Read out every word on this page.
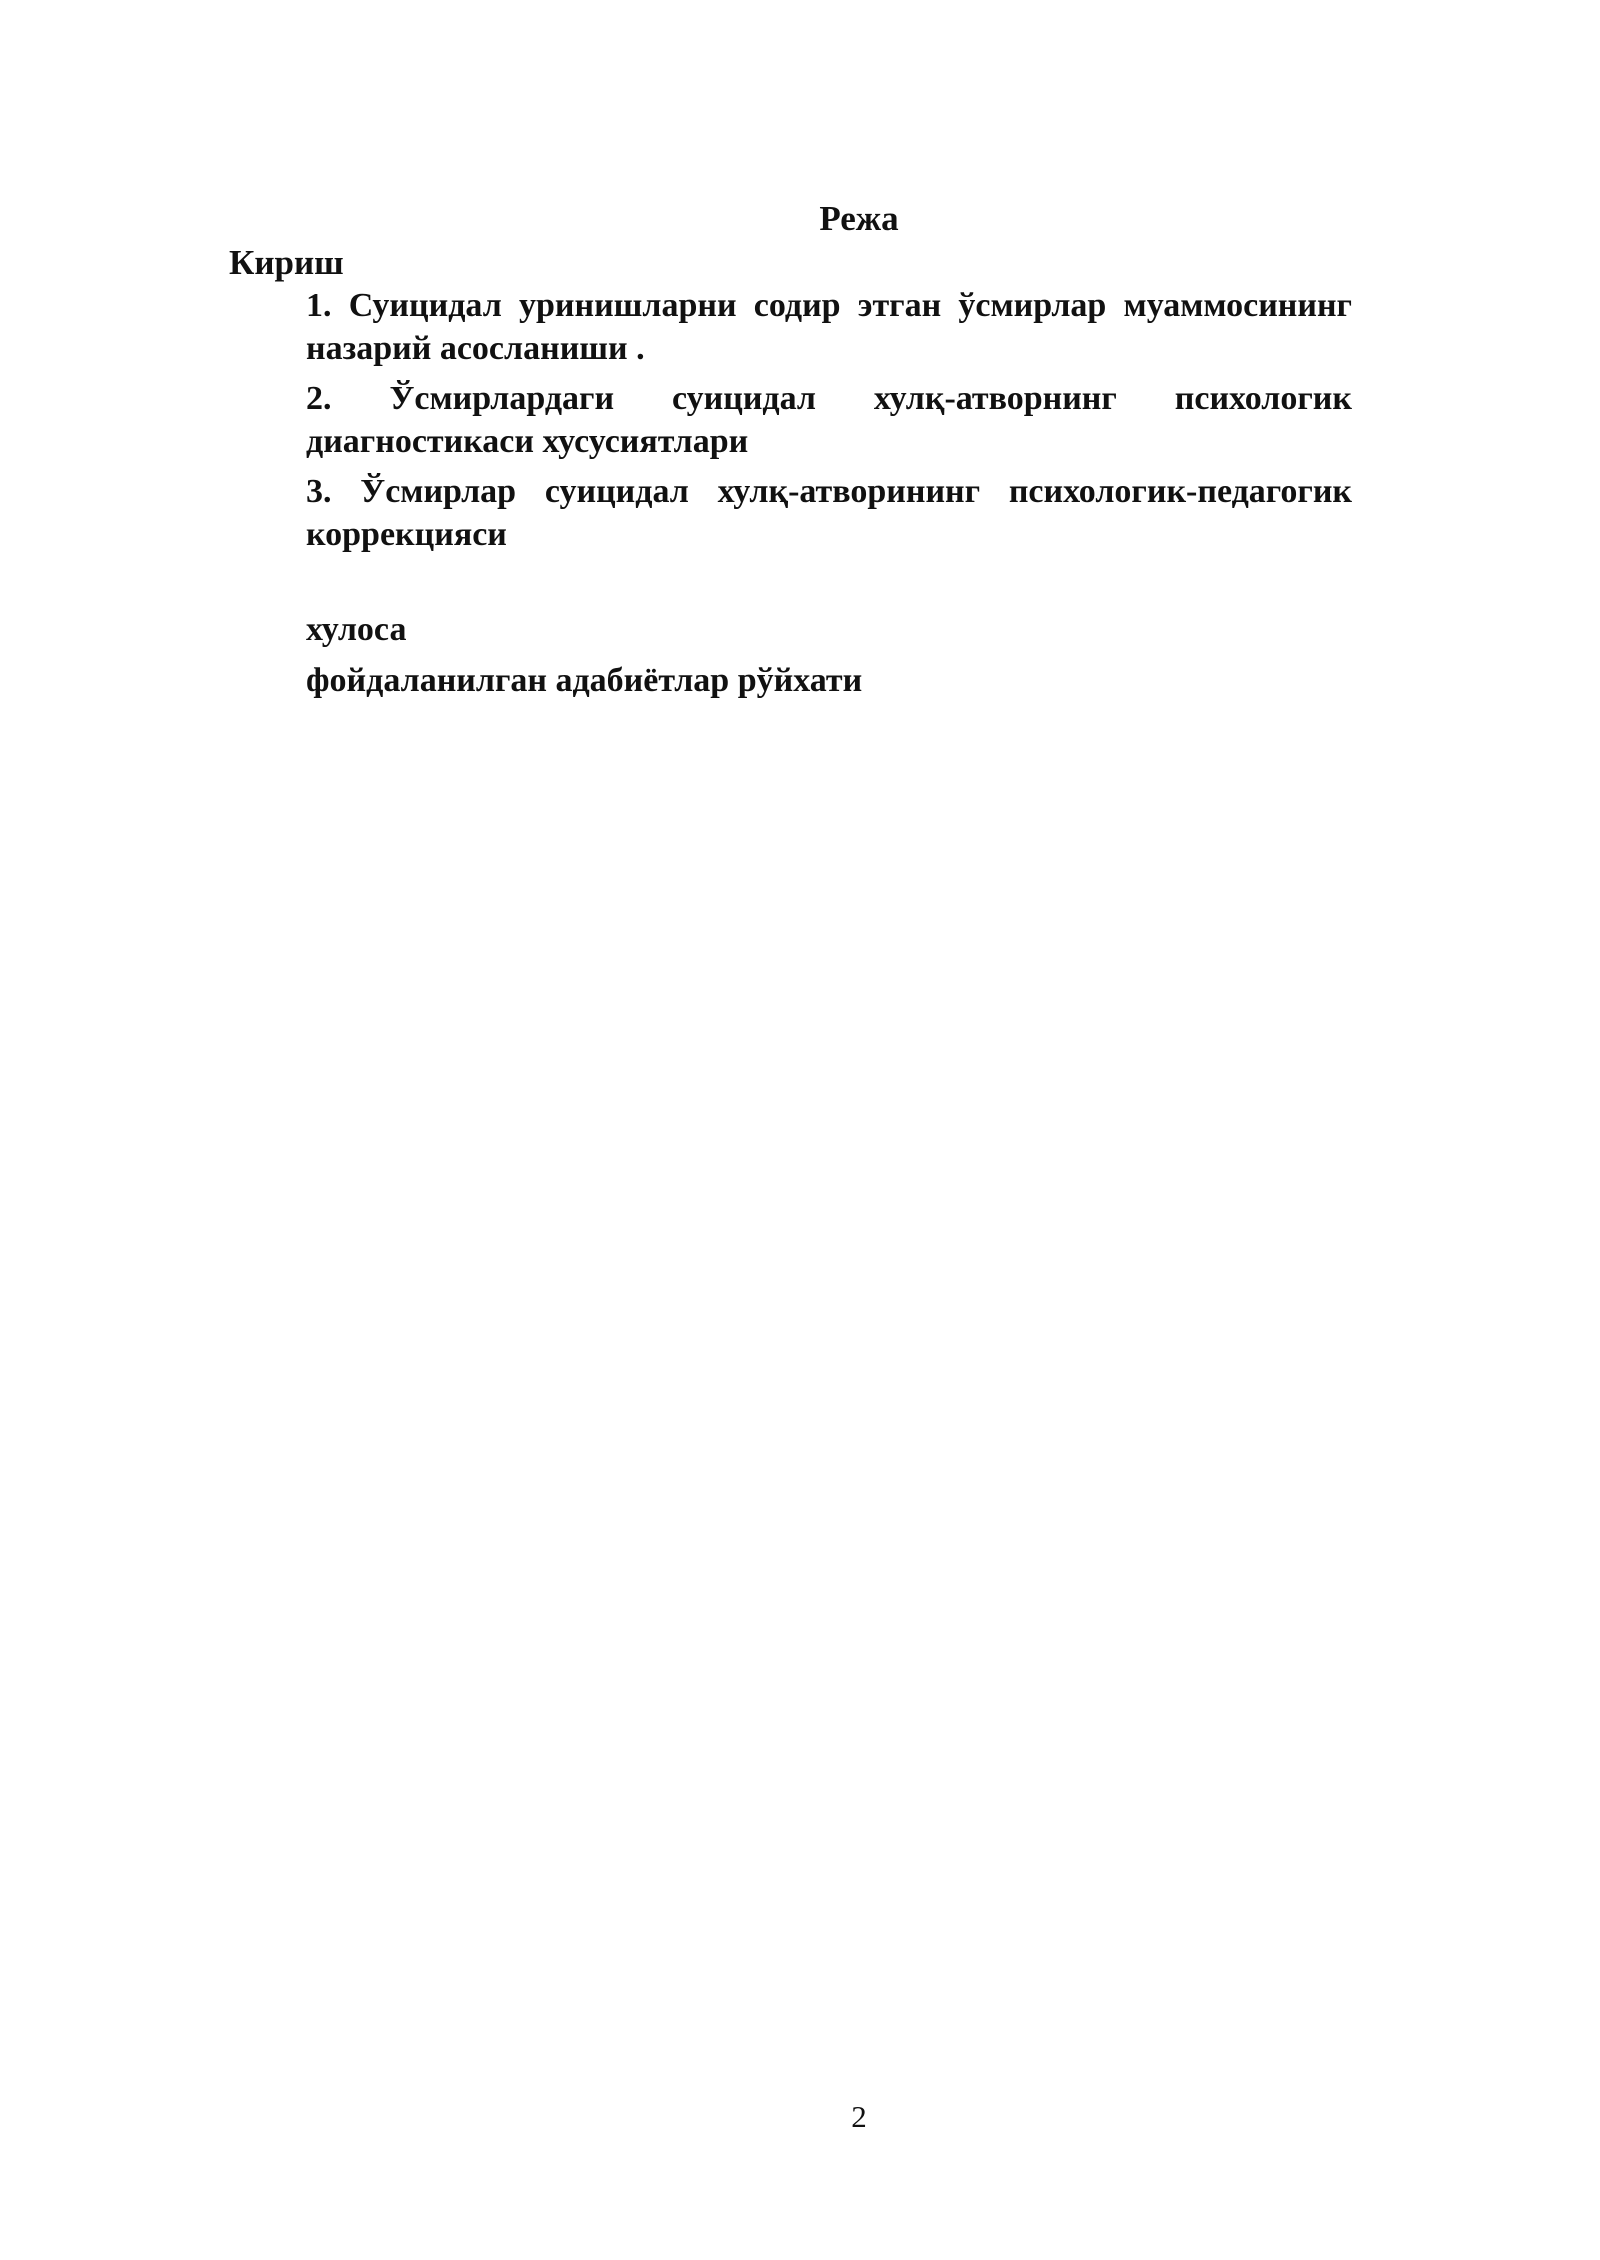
Режа

Кириш

1. Суицидал уринишларни содир этган ўсмирлар муаммосининг назарий асосланиши .
2. Ўсмирлардаги суицидал хулқ-атворнинг психологик диагностикаси хусусиятлари
3. Ўсмирлар суицидал хулқ-атворининг психологик-педагогик коррекцияси

хулоса

фойдаланилган адабиётлар рўйхати

2
